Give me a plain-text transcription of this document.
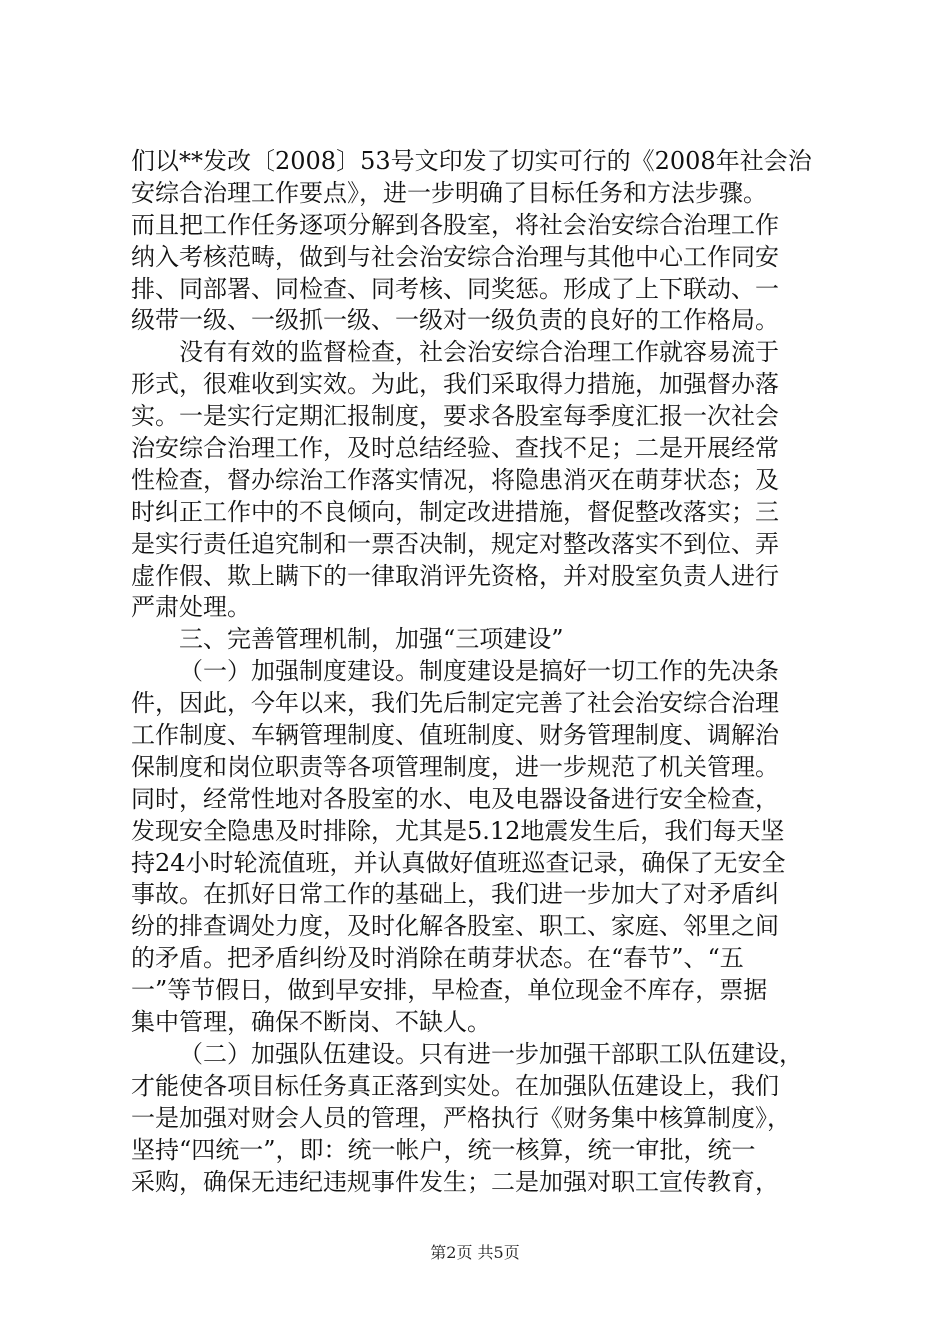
们以**发改〔2008〕53号文印发了切实可行的《2008年社会治
安综合治理工作要点》，进一步明确了目标任务和方法步骤。
而且把工作任务逐项分解到各股室，将社会治安综合治理工作
纳入考核范畴，做到与社会治安综合治理与其他中心工作同安
排、同部署、同检查、同考核、同奖惩。形成了上下联动、一
级带一级、一级抓一级、一级对一级负责的良好的工作格局。
没有有效的监督检查，社会治安综合治理工作就容易流于
形式，很难收到实效。为此，我们采取得力措施，加强督办落
实。一是实行定期汇报制度，要求各股室每季度汇报一次社会
治安综合治理工作，及时总结经验、查找不足；二是开展经常
性检查，督办综治工作落实情况，将隐患消灭在萌芽状态；及
时纠正工作中的不良倾向，制定改进措施，督促整改落实；三
是实行责任追究制和一票否决制，规定对整改落实不到位、弄
虚作假、欺上瞒下的一律取消评先资格，并对股室负责人进行
严肃处理。
三、完善管理机制，加强“三项建设”
（一）加强制度建设。制度建设是搞好一切工作的先决条
件，因此，今年以来，我们先后制定完善了社会治安综合治理
工作制度、车辆管理制度、值班制度、财务管理制度、调解治
保制度和岗位职责等各项管理制度，进一步规范了机关管理。
同时，经常性地对各股室的水、电及电器设备进行安全检查，
发现安全隐患及时排除，尤其是5.12地震发生后，我们每天坚
持24小时轮流值班，并认真做好值班巡查记录，确保了无安全
事故。在抓好日常工作的基础上，我们进一步加大了对矛盾纠
纷的排查调处力度，及时化解各股室、职工、家庭、邻里之间
的矛盾。把矛盾纠纷及时消除在萌芽状态。在“春节”、“五
一”等节假日，做到早安排，早检查，单位现金不库存，票据
集中管理，确保不断岗、不缺人。
（二）加强队伍建设。只有进一步加强干部职工队伍建设，
才能使各项目标任务真正落到实处。在加强队伍建设上，我们
一是加强对财会人员的管理，严格执行《财务集中核算制度》，
坚持“四统一”，即：统一帐户，统一核算，统一审批，统一
采购，确保无违纪违规事件发生；二是加强对职工宣传教育，
第2页 共5页
